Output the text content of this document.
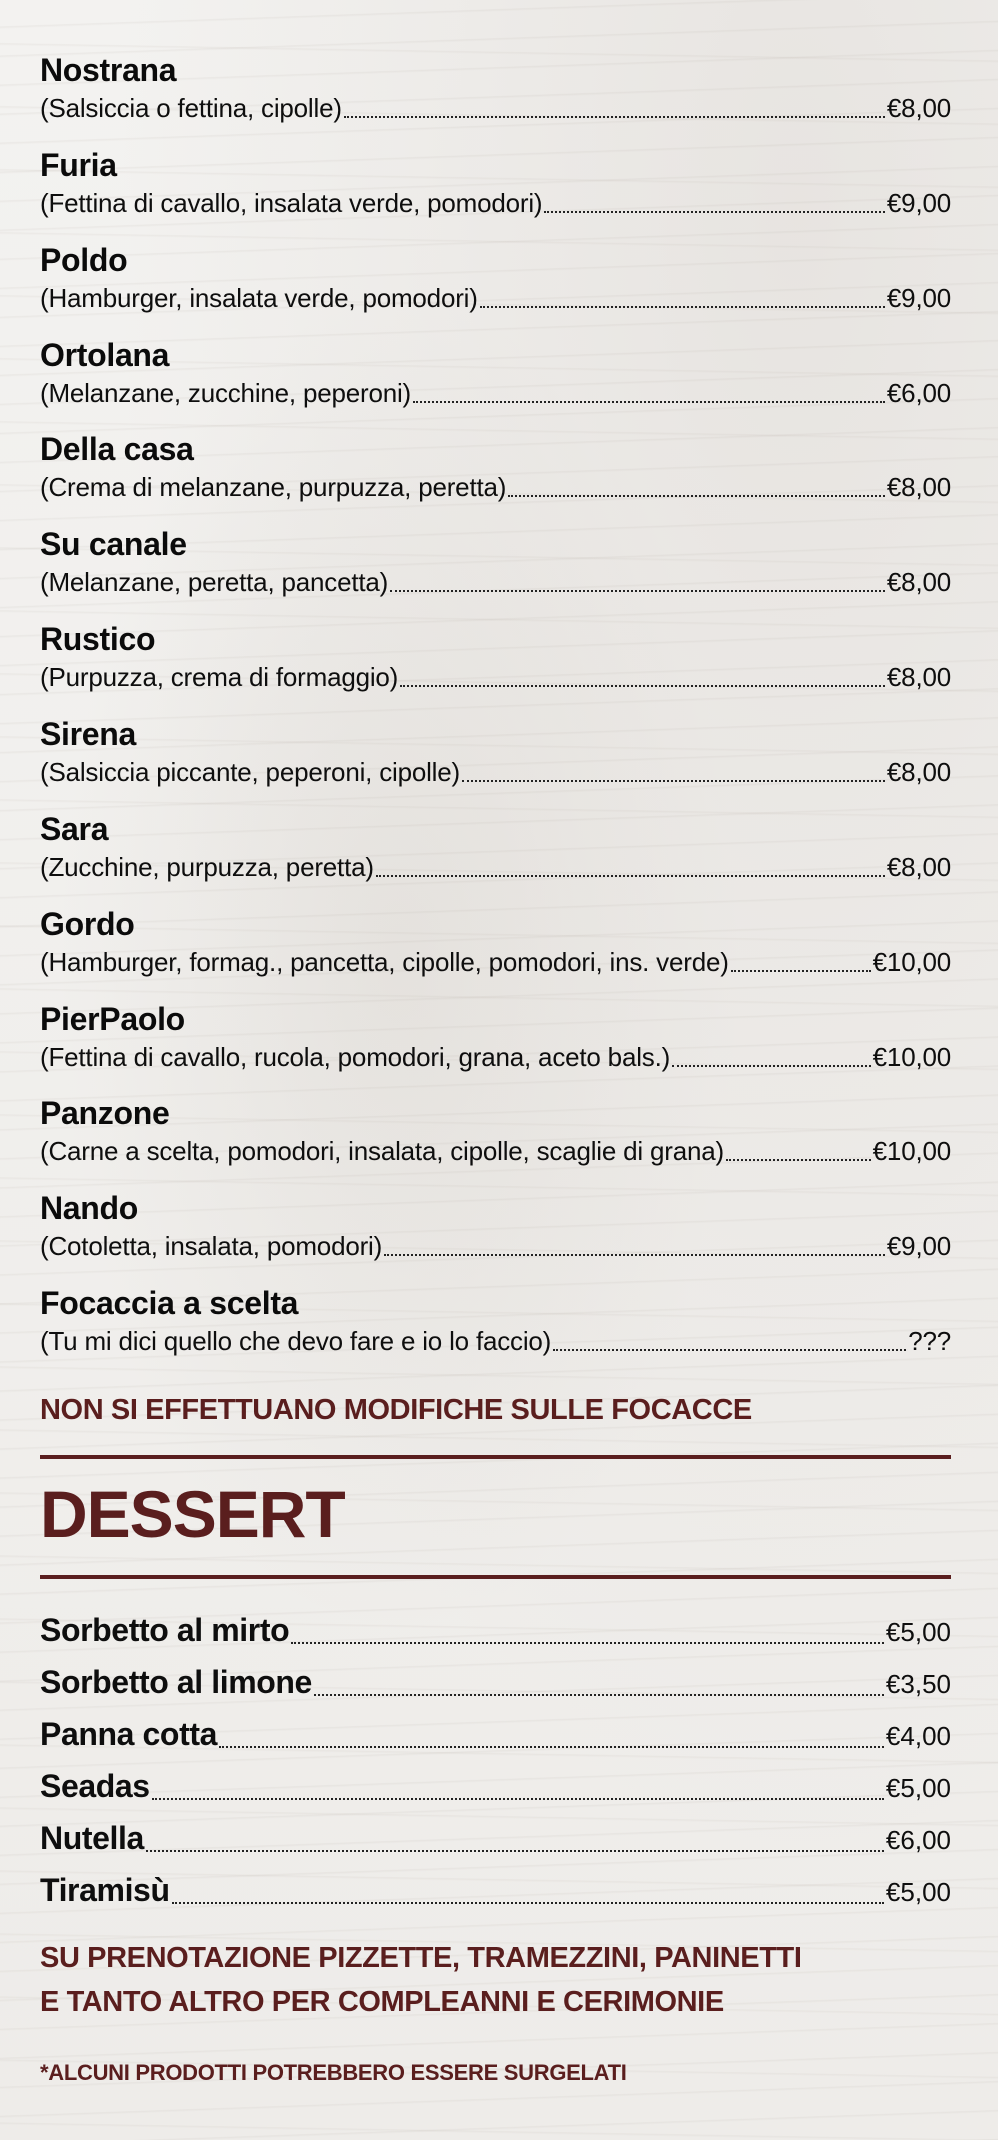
Nostrana
(Salsiccia o fettina, cipolle)	€8,00
Furia
(Fettina di cavallo, insalata verde, pomodori)	€9,00
Poldo
(Hamburger, insalata verde, pomodori)	€9,00
Ortolana
(Melanzane, zucchine, peperoni)	€6,00
Della casa
(Crema di melanzane, purpuzza, peretta)	€8,00
Su canale
(Melanzane, peretta, pancetta)	€8,00
Rustico
(Purpuzza, crema di formaggio)	€8,00
Sirena
(Salsiccia piccante, peperoni, cipolle)	€8,00
Sara
(Zucchine, purpuzza, peretta)	€8,00
Gordo
(Hamburger, formag., pancetta, cipolle, pomodori, ins. verde)	€10,00
PierPaolo
(Fettina di cavallo, rucola, pomodori, grana, aceto bals.)	€10,00
Panzone
(Carne a scelta, pomodori, insalata, cipolle, scaglie di grana)	€10,00
Nando
(Cotoletta, insalata, pomodori)	€9,00
Focaccia a scelta
(Tu mi dici quello che devo fare e io lo faccio)	???
NON SI EFFETTUANO MODIFICHE SULLE FOCACCE
DESSERT
Sorbetto al mirto	€5,00
Sorbetto al limone	€3,50
Panna cotta	€4,00
Seadas	€5,00
Nutella	€6,00
Tiramisù	€5,00
SU PRENOTAZIONE PIZZETTE, TRAMEZZINI, PANINETTI
E TANTO ALTRO PER COMPLEANNI E CERIMONIE
*ALCUNI PRODOTTI POTREBBERO ESSERE SURGELATI
